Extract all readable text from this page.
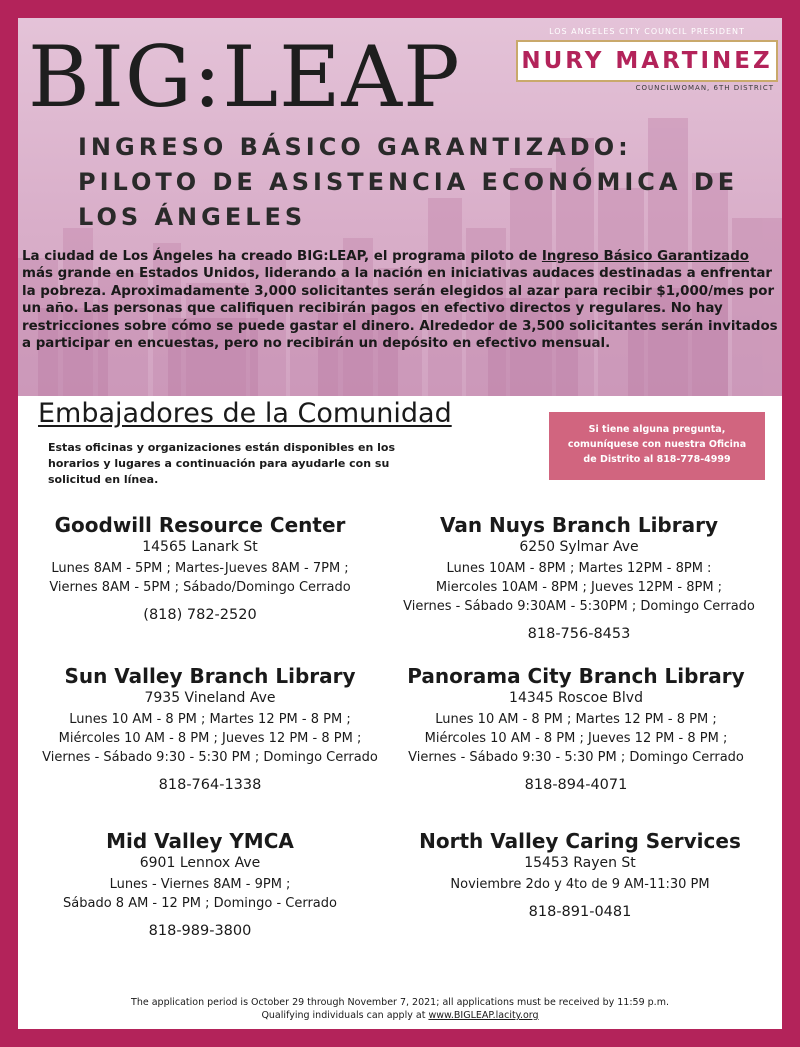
BIG:LEAP	LOS ANGELES CITY COUNCIL PRESIDENT
NURY MARTINEZ
COUNCILWOMAN, 6TH DISTRICT
INGRESO BÁSICO GARANTIZADO:
PILOTO DE ASISTENCIA ECONÓMICA DE
LOS ÁNGELES

La ciudad de Los Ángeles ha creado BIG:LEAP, el programa piloto de Ingreso Básico Garantizado más grande en Estados Unidos, liderando a la nación en iniciativas audaces destinadas a enfrentar la pobreza. Aproximadamente 3,000 solicitantes serán elegidos al azar para recibir $1,000/mes por un año. Las personas que califiquen recibirán pagos en efectivo directos y regulares. No hay restricciones sobre cómo se puede gastar el dinero. Alrededor de 3,500 solicitantes serán invitados a participar en encuestas, pero no recibirán un depósito en efectivo mensual.

Embajadores de la Comunidad
Estas oficinas y organizaciones están disponibles en los horarios y lugares a continuación para ayudarle con su solicitud en línea.
Si tiene alguna pregunta,
comuníquese con nuestra Oficina
de Distrito al 818-778-4999
Goodwill Resource Center
14565 Lanark St
Lunes 8AM - 5PM ; Martes-Jueves 8AM - 7PM ;
Viernes 8AM - 5PM ; Sábado/Domingo Cerrado
(818) 782-2520
Van Nuys Branch Library
6250 Sylmar Ave
Lunes 10AM - 8PM ; Martes 12PM - 8PM :
Miercoles 10AM - 8PM ; Jueves 12PM - 8PM ;
Viernes - Sábado 9:30AM - 5:30PM ; Domingo Cerrado
818-756-8453
Sun Valley Branch Library
7935 Vineland Ave
Lunes 10 AM - 8 PM ; Martes 12 PM - 8 PM ;
Miércoles 10 AM - 8 PM ; Jueves 12 PM - 8 PM ;
Viernes - Sábado 9:30 - 5:30 PM ; Domingo Cerrado
818-764-1338
Panorama City Branch Library
14345 Roscoe Blvd
Lunes 10 AM - 8 PM ; Martes 12 PM - 8 PM ;
Miércoles 10 AM - 8 PM ; Jueves 12 PM - 8 PM ;
Viernes - Sábado 9:30 - 5:30 PM ; Domingo Cerrado
818-894-4071
Mid Valley YMCA
6901 Lennox Ave
Lunes - Viernes 8AM - 9PM ;
Sábado 8 AM - 12 PM ; Domingo - Cerrado
818-989-3800
North Valley Caring Services
15453 Rayen St
Noviembre 2do y 4to de 9 AM-11:30 PM
818-891-0481
The application period is October 29 through November 7, 2021; all applications must be received by 11:59 p.m.
Qualifying individuals can apply at www.BIGLEAP.lacity.org
